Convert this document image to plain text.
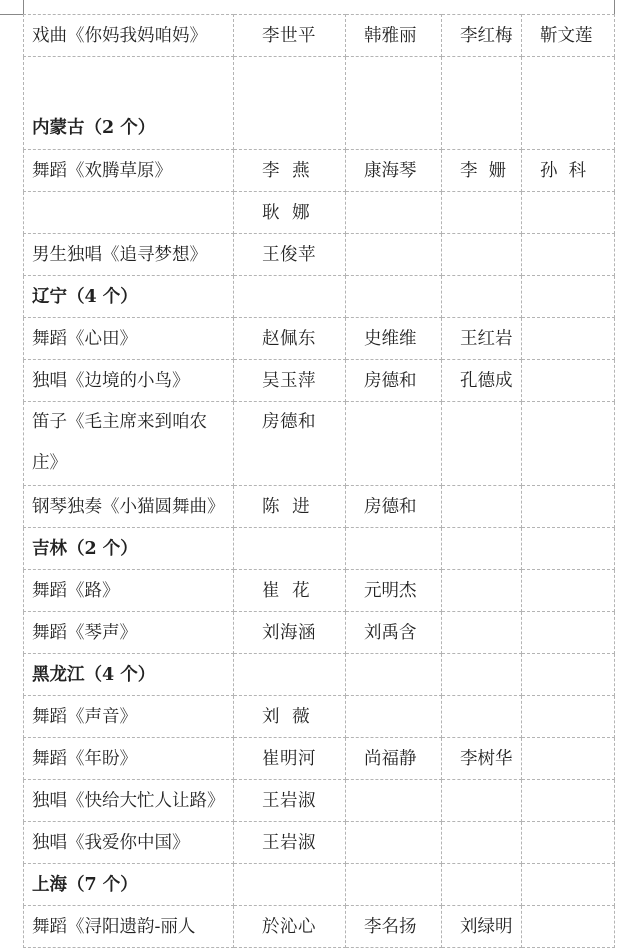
戏曲《你妈我妈咱妈》	李世平	韩雅丽	李红梅	靳文莲
内蒙古（2 个）				
舞蹈《欢腾草原》	李  燕	康海琴	李  姗	孙  科
	耿  娜			
男生独唱《追寻梦想》	王俊苹			
辽宁（4 个）				
舞蹈《心田》	赵佩东	史维维	王红岩	
独唱《边境的小鸟》	吴玉萍	房德和	孔德成	

笛子《毛主席来到咱农庄》	房德和			
钢琴独奏《小猫圆舞曲》	陈  进	房德和		
吉林（2 个）				
舞蹈《路》	崔  花	元明杰		
舞蹈《琴声》	刘海涵	刘禹含		
黑龙江（4 个）				
舞蹈《声音》	刘  薇			
舞蹈《年盼》	崔明河	尚福静	李树华	
独唱《快给大忙人让路》	王岩淑			
独唱《我爱你中国》	王岩淑			
上海（7 个）				
舞蹈《浔阳遗韵-丽人	於沁心	李名扬	刘绿明	
